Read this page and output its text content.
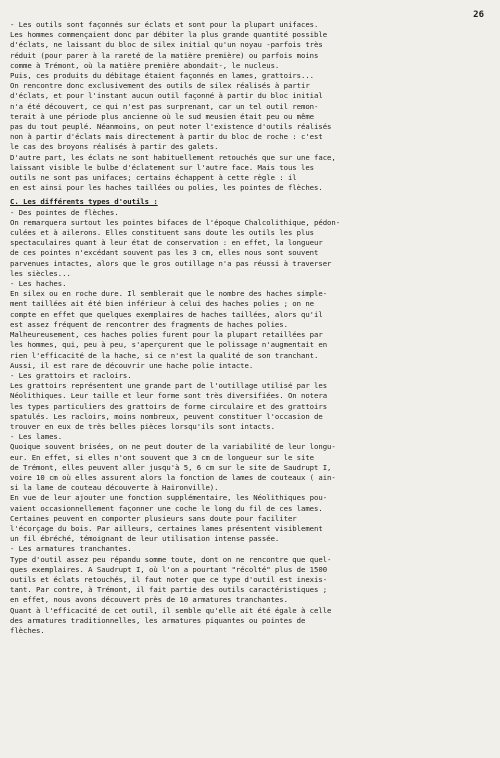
26
- Les outils sont façonnés sur éclats et sont pour la plupart unifaces.
Les hommes commençaient donc par débiter la plus grande quantité possible
d'éclats, ne laissant du bloc de silex initial qu'un noyau -parfois très
réduit (pour parer à la rareté de la matière première) ou parfois moins
comme à Trémont, où la matière première abondait-, le nucleus.
Puis, ces produits du débitage étaient façonnés en lames, grattoirs...
On rencontre donc exclusivement des outils de silex réalisés à partir
d'éclats, et pour l'instant aucun outil façonné à partir du bloc initial
n'a été découvert, ce qui n'est pas surprenant, car un tel outil remon-
terait à une période plus ancienne où le sud meusien était peu ou même
pas du tout peuplé. Néanmoins, on peut noter l'existence d'outils réalisés
non à partir d'éclats mais directement à partir du bloc de roche : c'est
le cas des broyons réalisés à partir des galets.
D'autre part, les éclats ne sont habituellement retouchés que sur une face,
laissant visible le bulbe d'éclatement sur l'autre face. Mais tous les
outils ne sont pas unifaces; certains échappent à cette règle : il
en est ainsi pour les haches taillées ou polies, les pointes de flèches.
C. Les différents types d'outils :
- Des pointes de flèches.
On remarquera surtout les pointes bifaces de l'époque Chalcolithique, pédon-
culées et à ailerons. Elles constituent sans doute les outils les plus
spectaculaires quant à leur état de conservation : en effet, la longueur
de ces pointes n'excédant souvent pas les 3 cm, elles nous sont souvent
parvenues intactes, alors que le gros outillage n'a pas réussi à traverser
les siècles...
- Les haches.
En silex ou en roche dure. Il semblerait que le nombre des haches simple-
ment taillées ait été bien inférieur à celui des haches polies ; on ne
compte en effet que quelques exemplaires de haches taillées, alors qu'il
est assez fréquent de rencontrer des fragments de haches polies.
Malheureusement, ces haches polies furent pour la plupart retaillées par
les hommes, qui, peu à peu, s'aperçurent que le polissage n'augmentait en
rien l'efficacité de la hache, si ce n'est la qualité de son tranchant.
Aussi, il est rare de découvrir une hache polie intacte.
- Les grattoirs et racloirs.
Les grattoirs représentent une grande part de l'outillage utilisé par les
Néolithiques. Leur taille et leur forme sont très diversifiées. On notera
les types particuliers des grattoirs de forme circulaire et des grattoirs
spatulés. Les racloirs, moins nombreux, peuvent constituer l'occasion de
trouver en eux de très belles pièces lorsqu'ils sont intacts.
- Les lames.
Quoique souvent brisées, on ne peut douter de la variabilité de leur longu-
eur. En effet, si elles n'ont souvent que 3 cm de longueur sur le site
de Trémont, elles peuvent aller jusqu'à 5, 6 cm sur le site de Saudrupt I,
voire 10 cm où elles assurent alors la fonction de lames de couteaux ( ain-
si la lame de couteau découverte à Haironville).
En vue de leur ajouter une fonction supplémentaire, les Néolithiques pou-
vaient occasionnellement façonner une coche le long du fil de ces lames.
Certaines peuvent en comporter plusieurs sans doute pour faciliter
l'écorçage du bois. Par ailleurs, certaines lames présentent visiblement
un fil ébréché, témoignant de leur utilisation intense passée.
- Les armatures tranchantes.
Type d'outil assez peu répandu somme toute, dont on ne rencontre que quel-
ques exemplaires. A Saudrupt I, où l'on a pourtant "récolté" plus de 1500
outils et éclats retouchés, il faut noter que ce type d'outil est inexis-
tant. Par contre, à Trémont, il fait partie des outils caractéristiques ;
en effet, nous avons découvert près de 10 armatures tranchantes.
Quant à l'efficacité de cet outil, il semble qu'elle ait été égale à celle
des armatures traditionnelles, les armatures piquantes ou pointes de
flèches.
